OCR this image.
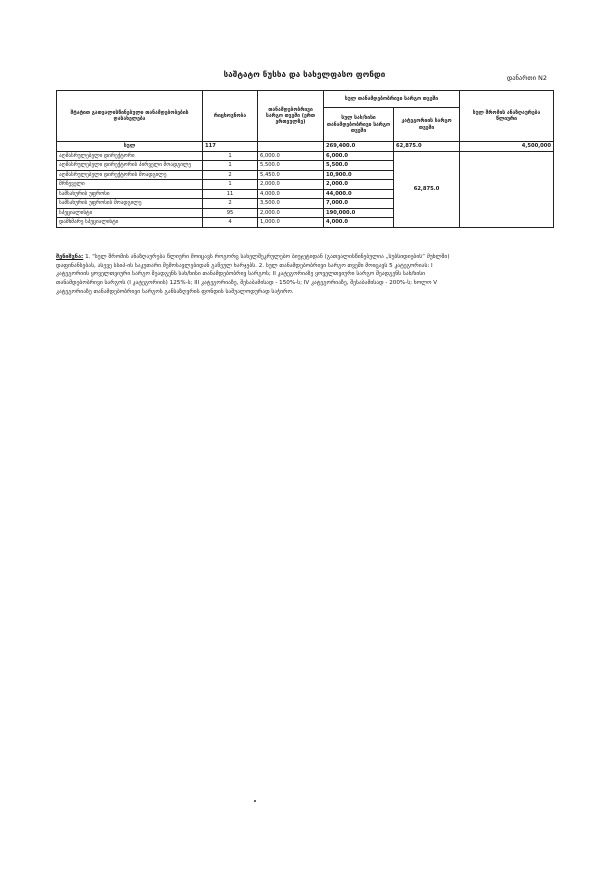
საშტატო ნუსხა და სახელფასო ფონდი	დანართი N2
შტატით გათვალისწინებული თანამდებობების დასახელება	რიცხოვნობა	თანამდებობრივი სარგო თვეში (ერთ ერთეულზე)	სულ თანამდებობრივი სარგო თვეში		სულ შრომის ანაზღაურება წლიური
			სულ სახ/ხისი თანამდებობრივი სარგო თვეში	კატეგორიის სარგო თვეში	
სულ	117		269,400.0	62,875.0	4,500,000
აღმასრულებელი დირექტორი	1	6,000.0	6,000.0	62,875.0	
აღმასრულებელი დირექტორის პირველი მოადგილე	1	5,500.0	5,500.0		
აღმასრულებელი დირექტორის მოადგილე	2	5,450.0	10,900.0		
მრჩეველი	1	2,000.0	2,000.0		
სამსახურის უფროსი	11	4,000.0	44,000.0		
სამსახურის უფროსის მოადგილე	2	3,500.0	7,000.0		
სპეციალისტი	95	2,000.0	190,000.0		
დამხმარე სპეციალისტი	4	1,000.0	4,000.0		
შენიშვნა: 1. "სულ შრომის ანაზღაურება წლიური მოიცავს როგორც სახელშეკრულებო ბიუჯეტიდან (გათვალისწინებულია „სუბსიდიების“ მუხლში) დაფინანსებას, ასევე სსიპ-ის საკუთარი შემოსავლებიდან გაწეულ ხარჯებს. 2. სულ თანამდებობრივი სარგო თვეში მოიცავს 5 კატეგორიას: I კატეგორიის ყოველთვიური სარგო შეადგენს სახ/ხისი თანამდებობრივ სარგოს; II კატეგორიაზე ყოველთვიური სარგო შეადგენს სახ/ხისი თანამდებობრივი სარგოს (I კატეგორიის) 125%-ს; III კატეგორიაზე, შესაბამისად - 150%-ს; IV კატეგორიაზე, შესაბამისად - 200%-ს; ხოლო V კატეგორიაზე თანამდებობრივი სარგოს განსაზღვრის ფონდის საშუალოდურად საჭირო.
